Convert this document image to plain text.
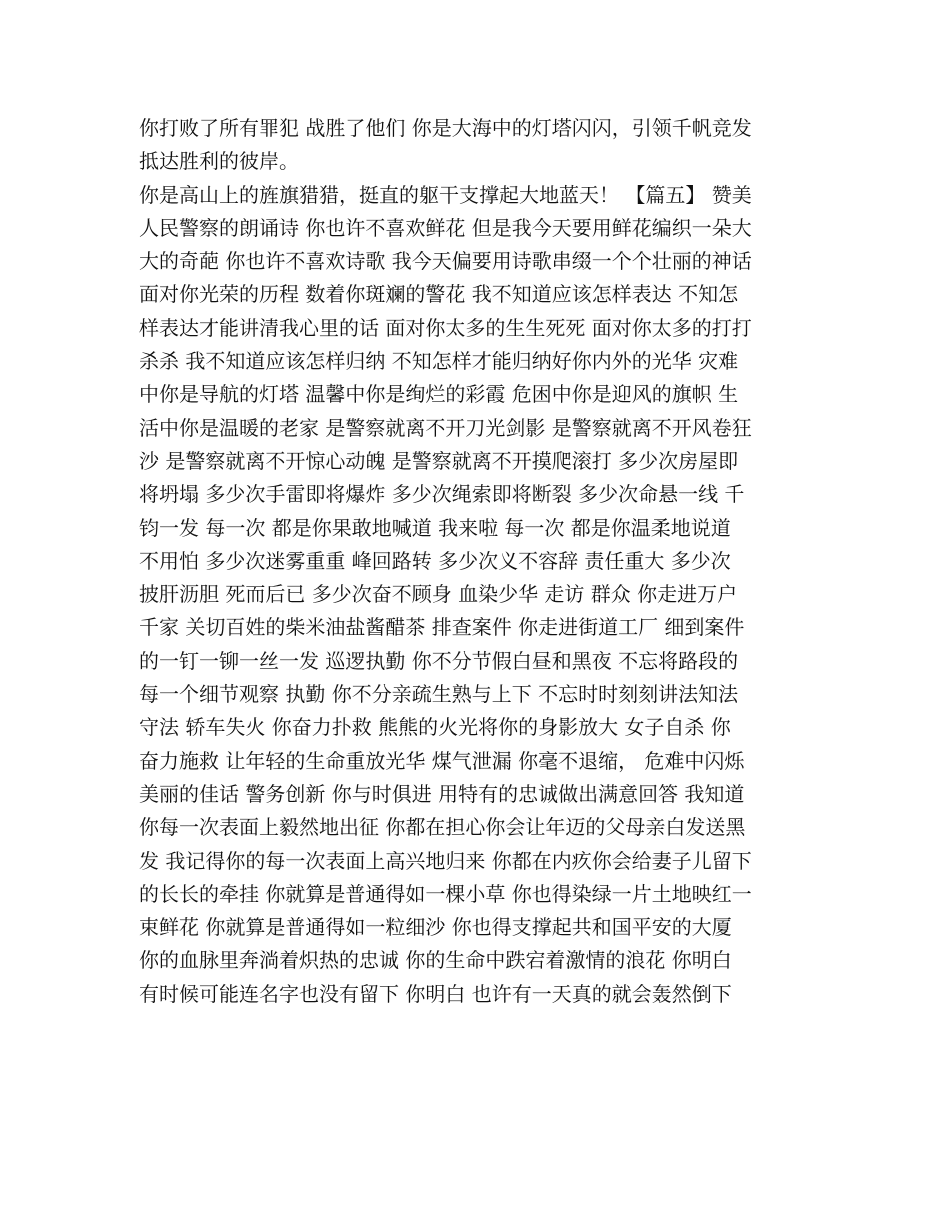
你打败了所有罪犯 战胜了他们 你是大海中的灯塔闪闪，引领千帆竞发
抵达胜利的彼岸。
你是高山上的旌旗猎猎，挺直的躯干支撑起大地蓝天！ 【篇五】 赞美
人民警察的朗诵诗 你也许不喜欢鲜花 但是我今天要用鲜花编织一朵大
大的奇葩 你也许不喜欢诗歌 我今天偏要用诗歌串缀一个个壮丽的神话
面对你光荣的历程 数着你斑斓的警花 我不知道应该怎样表达 不知怎
样表达才能讲清我心里的话 面对你太多的生生死死 面对你太多的打打
杀杀 我不知道应该怎样归纳 不知怎样才能归纳好你内外的光华 灾难
中你是导航的灯塔 温馨中你是绚烂的彩霞 危困中你是迎风的旗帜 生
活中你是温暖的老家 是警察就离不开刀光剑影 是警察就离不开风卷狂
沙 是警察就离不开惊心动魄 是警察就离不开摸爬滚打 多少次房屋即
将坍塌 多少次手雷即将爆炸 多少次绳索即将断裂 多少次命悬一线 千
钧一发 每一次 都是你果敢地喊道 我来啦 每一次 都是你温柔地说道
不用怕 多少次迷雾重重 峰回路转 多少次义不容辞 责任重大 多少次
披肝沥胆 死而后已 多少次奋不顾身 血染少华 走访 群众 你走进万户
千家 关切百姓的柴米油盐酱醋茶 排查案件 你走进街道工厂 细到案件
的一钉一铆一丝一发 巡逻执勤 你不分节假白昼和黑夜 不忘将路段的
每一个细节观察 执勤 你不分亲疏生熟与上下 不忘时时刻刻讲法知法
守法 轿车失火 你奋力扑救 熊熊的火光将你的身影放大 女子自杀 你
奋力施救 让年轻的生命重放光华 煤气泄漏 你毫不退缩， 危难中闪烁
美丽的佳话 警务创新 你与时俱进 用特有的忠诚做出满意回答 我知道
你每一次表面上毅然地出征 你都在担心你会让年迈的父母亲白发送黑
发 我记得你的每一次表面上高兴地归来 你都在内疚你会给妻子儿留下
的长长的牵挂 你就算是普通得如一棵小草 你也得染绿一片土地映红一
束鲜花 你就算是普通得如一粒细沙 你也得支撑起共和国平安的大厦
你的血脉里奔淌着炽热的忠诚 你的生命中跌宕着激情的浪花 你明白
有时候可能连名字也没有留下 你明白 也许有一天真的就会轰然倒下
